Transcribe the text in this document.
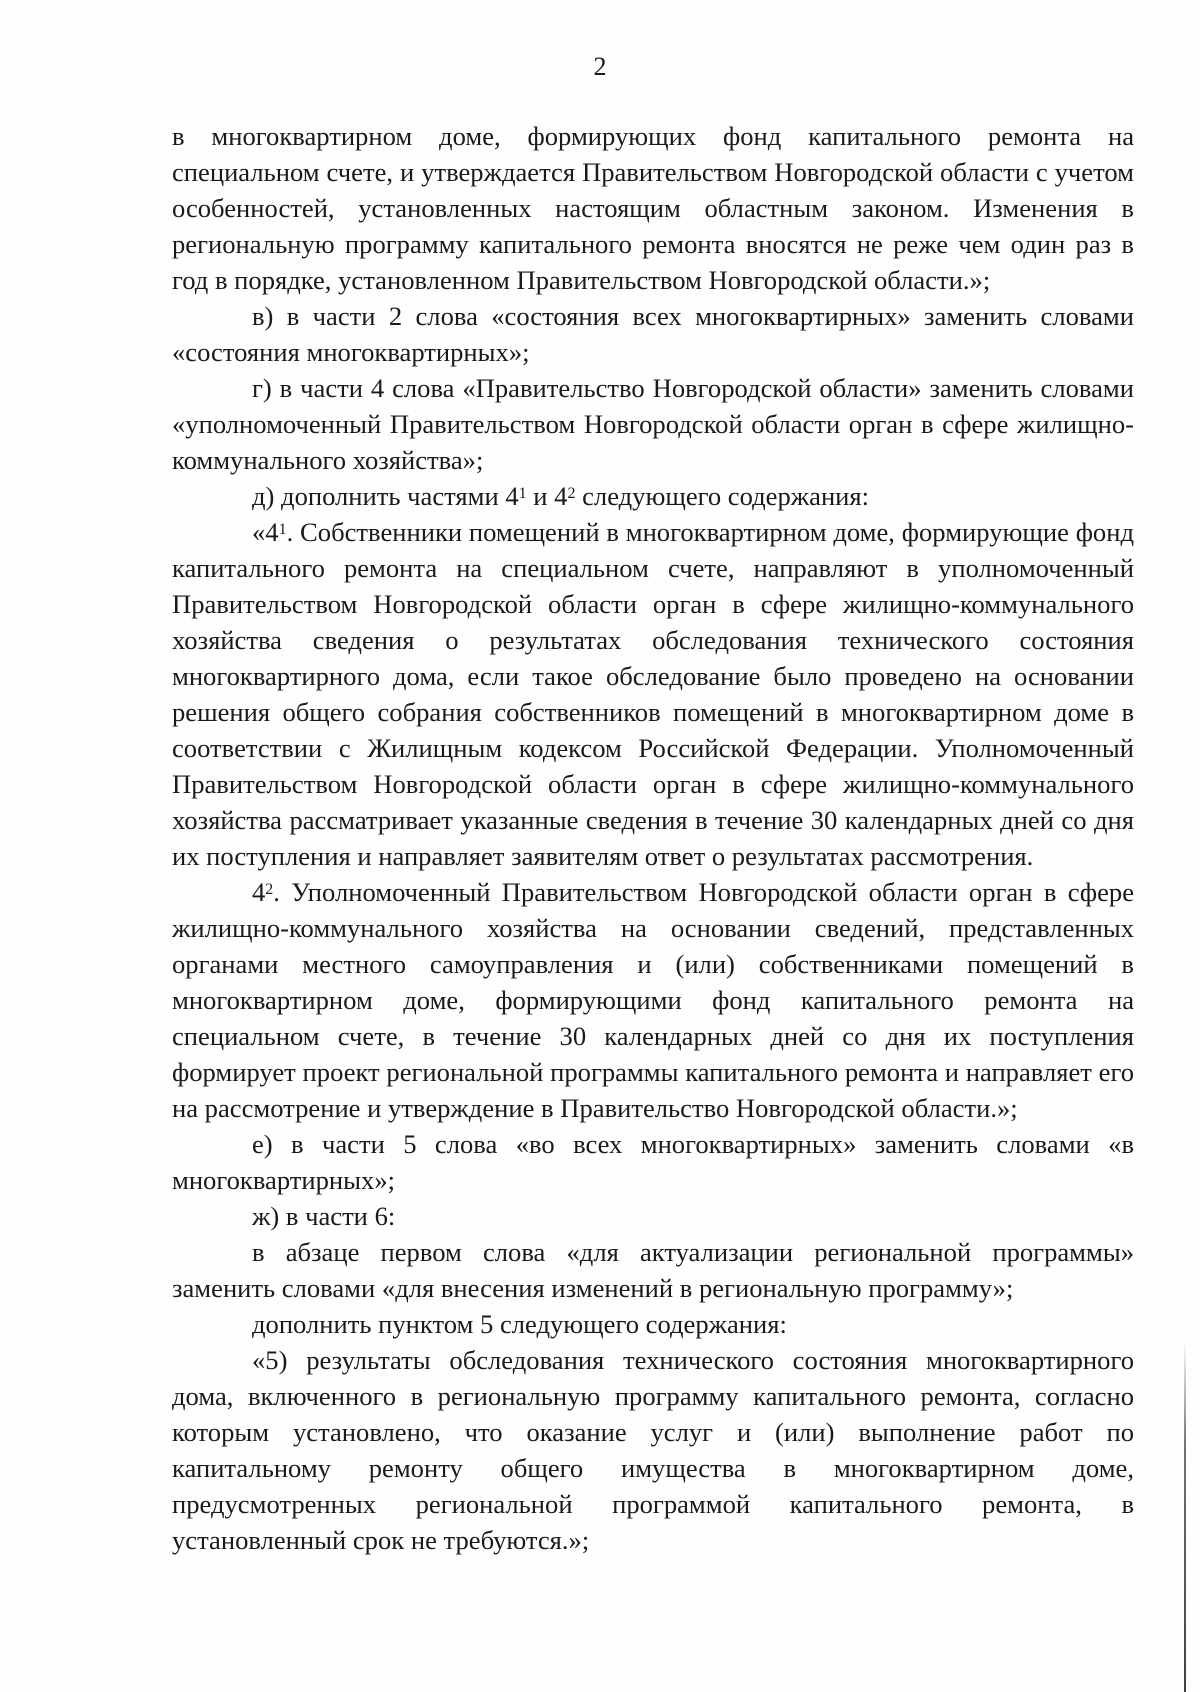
2

в многоквартирном доме, формирующих фонд капитального ремонта на специальном счете, и утверждается Правительством Новгородской области с учетом особенностей, установленных настоящим областным законом. Изменения в региональную программу капитального ремонта вносятся не реже чем один раз в год в порядке, установленном Правительством Новгородской области.»;

в) в части 2 слова «состояния всех многоквартирных» заменить словами «состояния многоквартирных»;

г) в части 4 слова «Правительство Новгородской области» заменить словами «уполномоченный Правительством Новгородской области орган в сфере жилищно-коммунального хозяйства»;

д) дополнить частями $4^1$ и $4^2$ следующего содержания:

«$4^1$. Собственники помещений в многоквартирном доме, формирующие фонд капитального ремонта на специальном счете, направляют в уполномоченный Правительством Новгородской области орган в сфере жилищно-коммунального хозяйства сведения о результатах обследования технического состояния многоквартирного дома, если такое обследование было проведено на основании решения общего собрания собственников помещений в многоквартирном доме в соответствии с Жилищным кодексом Российской Федерации. Уполномоченный Правительством Новгородской области орган в сфере жилищно-коммунального хозяйства рассматривает указанные сведения в течение 30 календарных дней со дня их поступления и направляет заявителям ответ о результатах рассмотрения.

$4^2$. Уполномоченный Правительством Новгородской области орган в сфере жилищно-коммунального хозяйства на основании сведений, представленных органами местного самоуправления и (или) собственниками помещений в многоквартирном доме, формирующими фонд капитального ремонта на специальном счете, в течение 30 календарных дней со дня их поступления формирует проект региональной программы капитального ремонта и направляет его на рассмотрение и утверждение в Правительство Новгородской области.»;

е) в части 5 слова «во всех многоквартирных» заменить словами «в многоквартирных»;

ж) в части 6:

в абзаце первом слова «для актуализации региональной программы» заменить словами «для внесения изменений в региональную программу»;

дополнить пунктом 5 следующего содержания:

«5) результаты обследования технического состояния многоквартирного дома, включенного в региональную программу капитального ремонта, согласно которым установлено, что оказание услуг и (или) выполнение работ по капитальному ремонту общего имущества в многоквартирном доме, предусмотренных региональной программой капитального ремонта, в установленный срок не требуются.»;
